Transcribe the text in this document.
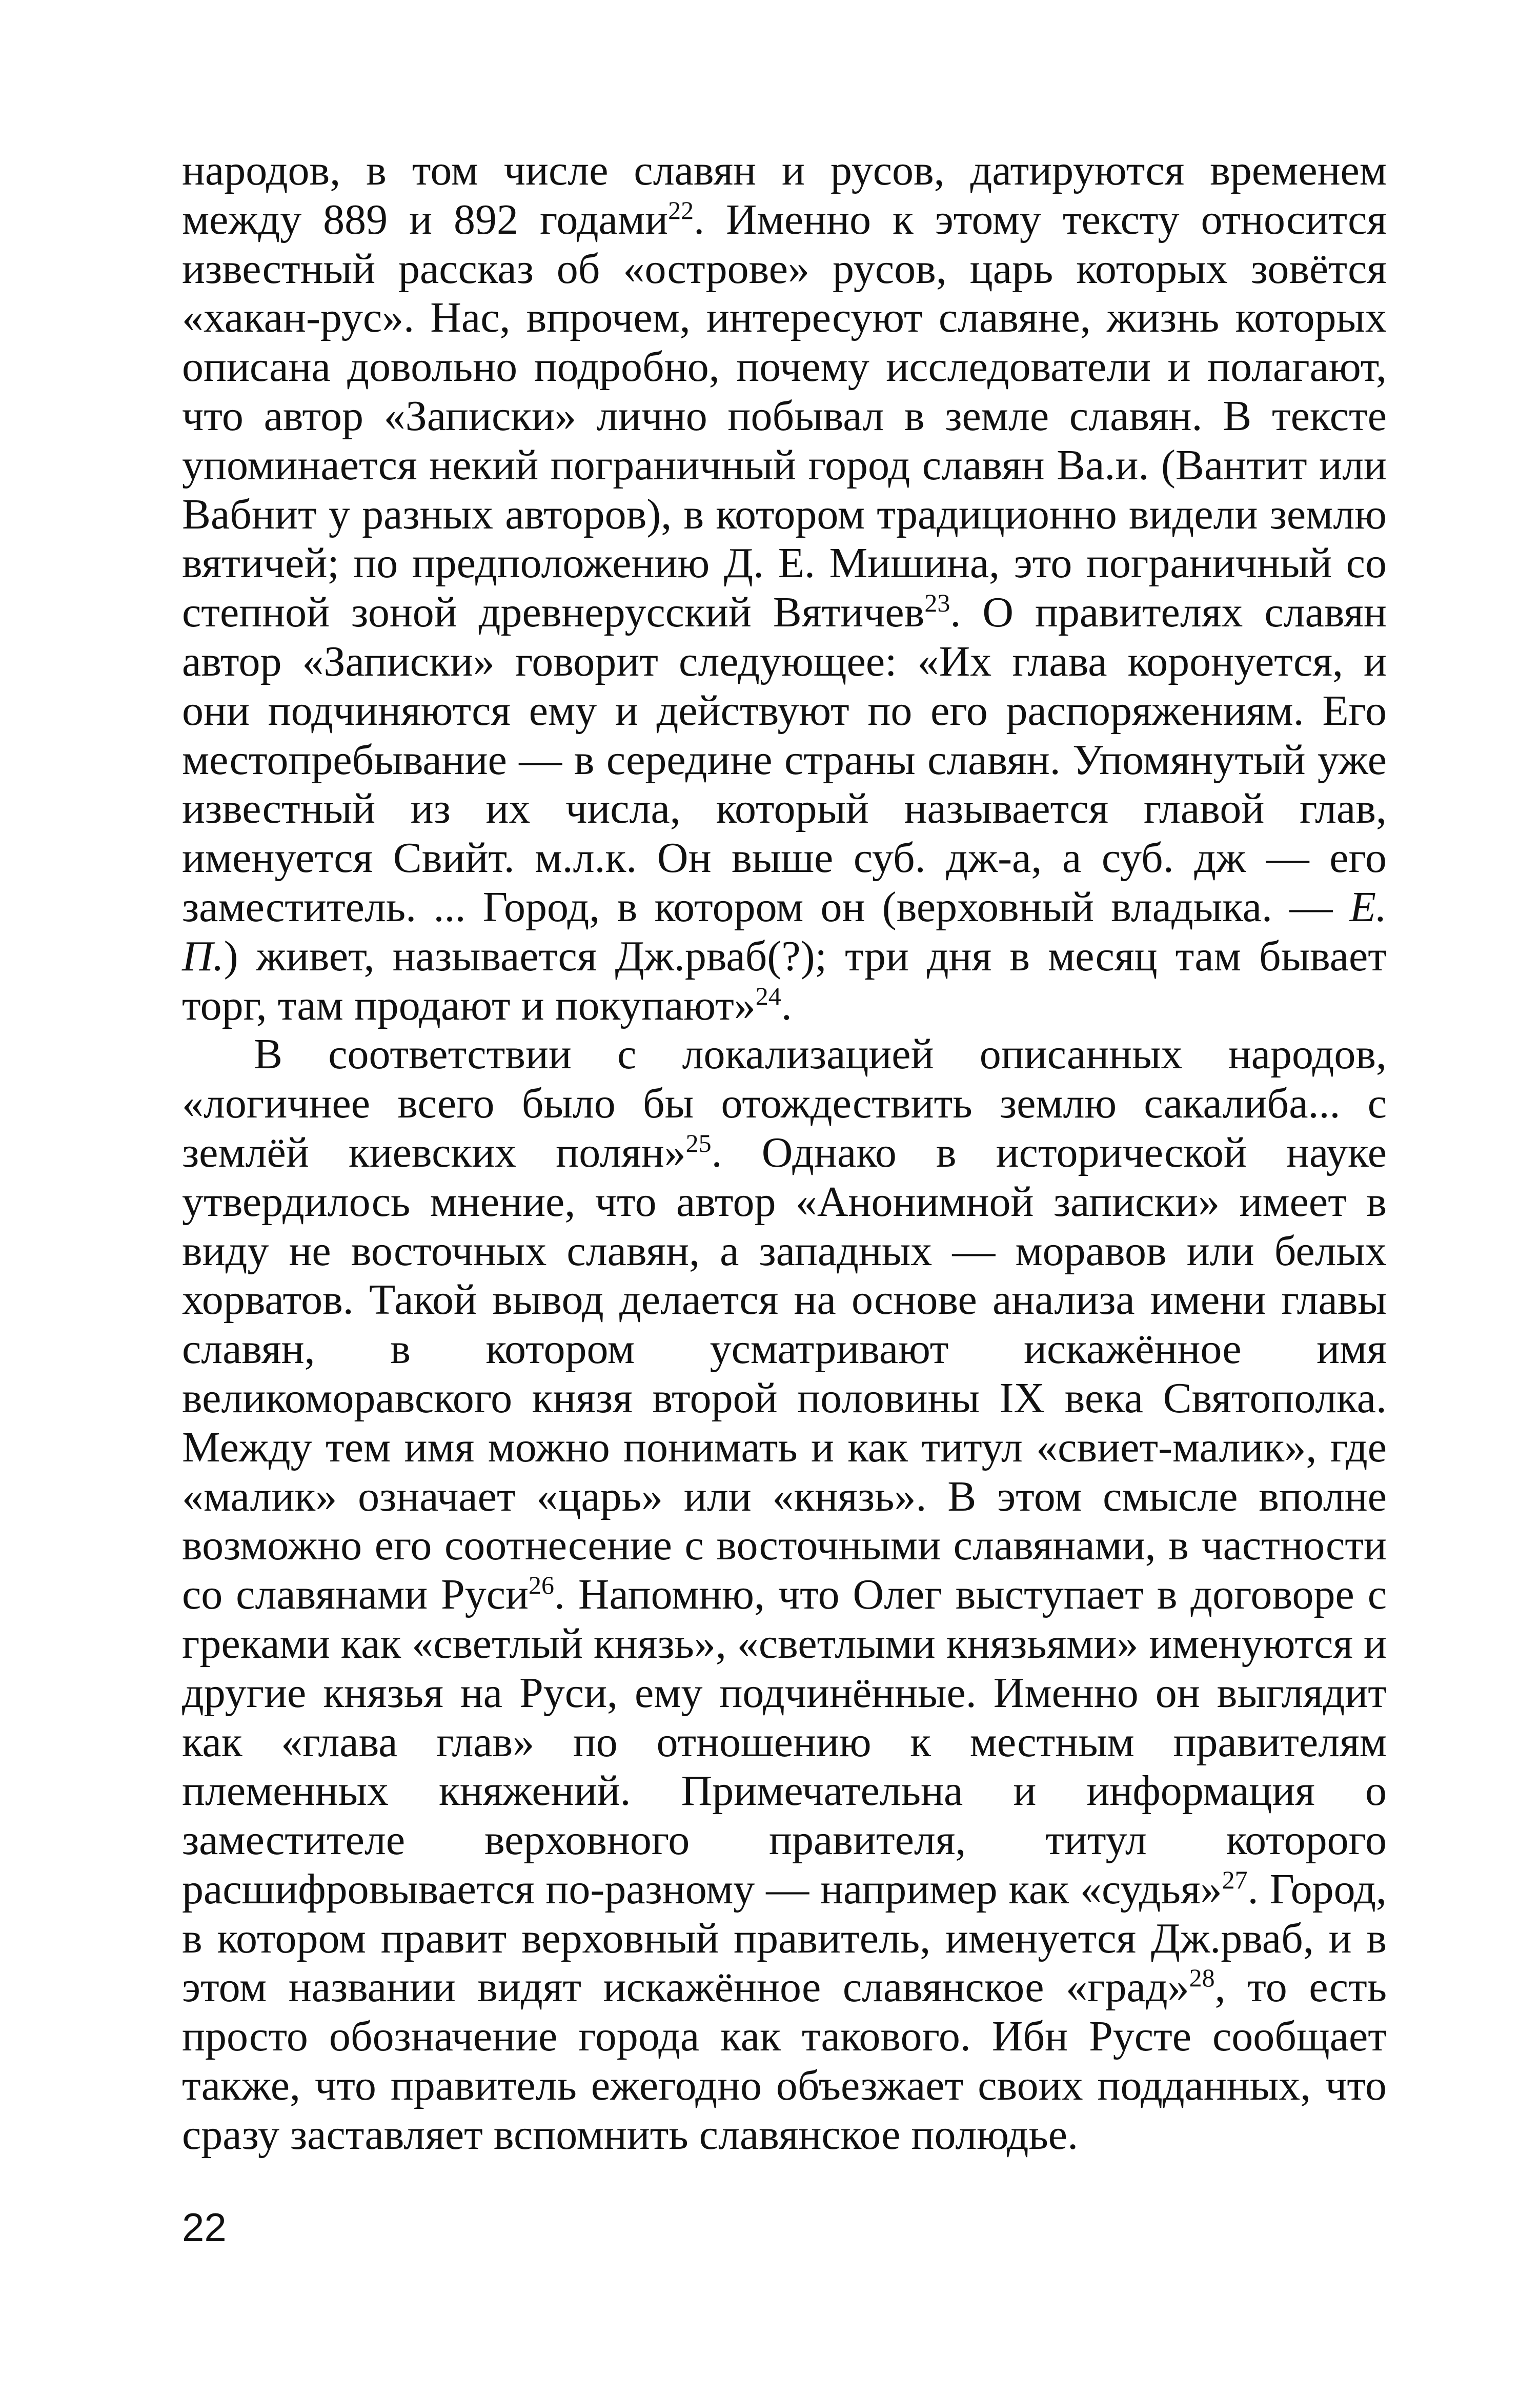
народов, в том числе славян и русов, датируются временем между 889 и 892 годами$^{22}$. Именно к этому тексту относится известный рассказ об «острове» русов, царь которых зовётся «хакан-рус». Нас, впрочем, интересуют славяне, жизнь которых описана довольно подробно, почему исследователи и полагают, что автор «Записки» лично побывал в земле славян. В тексте упоминается некий пограничный город славян Ва.и. (Вантит или Вабнит у разных авторов), в котором традиционно видели землю вятичей; по предположению Д. Е. Мишина, это пограничный со степной зоной древнерусский Вятичев$^{23}$. О правителях славян автор «Записки» говорит следующее: «Их глава коронуется, и они подчиняются ему и действуют по его распоряжениям. Его местопребывание — в середине страны славян. Упомянутый уже известный из их числа, который называется главой глав, именуется Свийт. м.л.к. Он выше суб. дж-а, а суб. дж — его заместитель. ... Город, в котором он (верховный владыка. — Е. П.) живет, называется Дж.рваб(?); три дня в месяц там бывает торг, там продают и покупают»$^{24}$.

В соответствии с локализацией описанных народов, «логичнее всего было бы отождествить землю сакалиба... с землёй киевских полян»$^{25}$. Однако в исторической науке утвердилось мнение, что автор «Анонимной записки» имеет в виду не восточных славян, а западных — моравов или белых хорватов. Такой вывод делается на основе анализа имени главы славян, в котором усматривают искажённое имя великоморавского князя второй половины IX века Святополка. Между тем имя можно понимать и как титул «свиет-малик», где «малик» означает «царь» или «князь». В этом смысле вполне возможно его соотнесение с восточными славянами, в частности со славянами Руси$^{26}$. Напомню, что Олег выступает в договоре с греками как «светлый князь», «светлыми князьями» именуются и другие князья на Руси, ему подчинённые. Именно он выглядит как «глава глав» по отношению к местным правителям племенных княжений. Примечательна и информация о заместителе верховного правителя, титул которого расшифровывается по-разному — например как «судья»$^{27}$. Город, в котором правит верховный правитель, именуется Дж.рваб, и в этом названии видят искажённое славянское «град»$^{28}$, то есть просто обозначение города как такового. Ибн Русте сообщает также, что правитель ежегодно объезжает своих подданных, что сразу заставляет вспомнить славянское полюдье.

22
